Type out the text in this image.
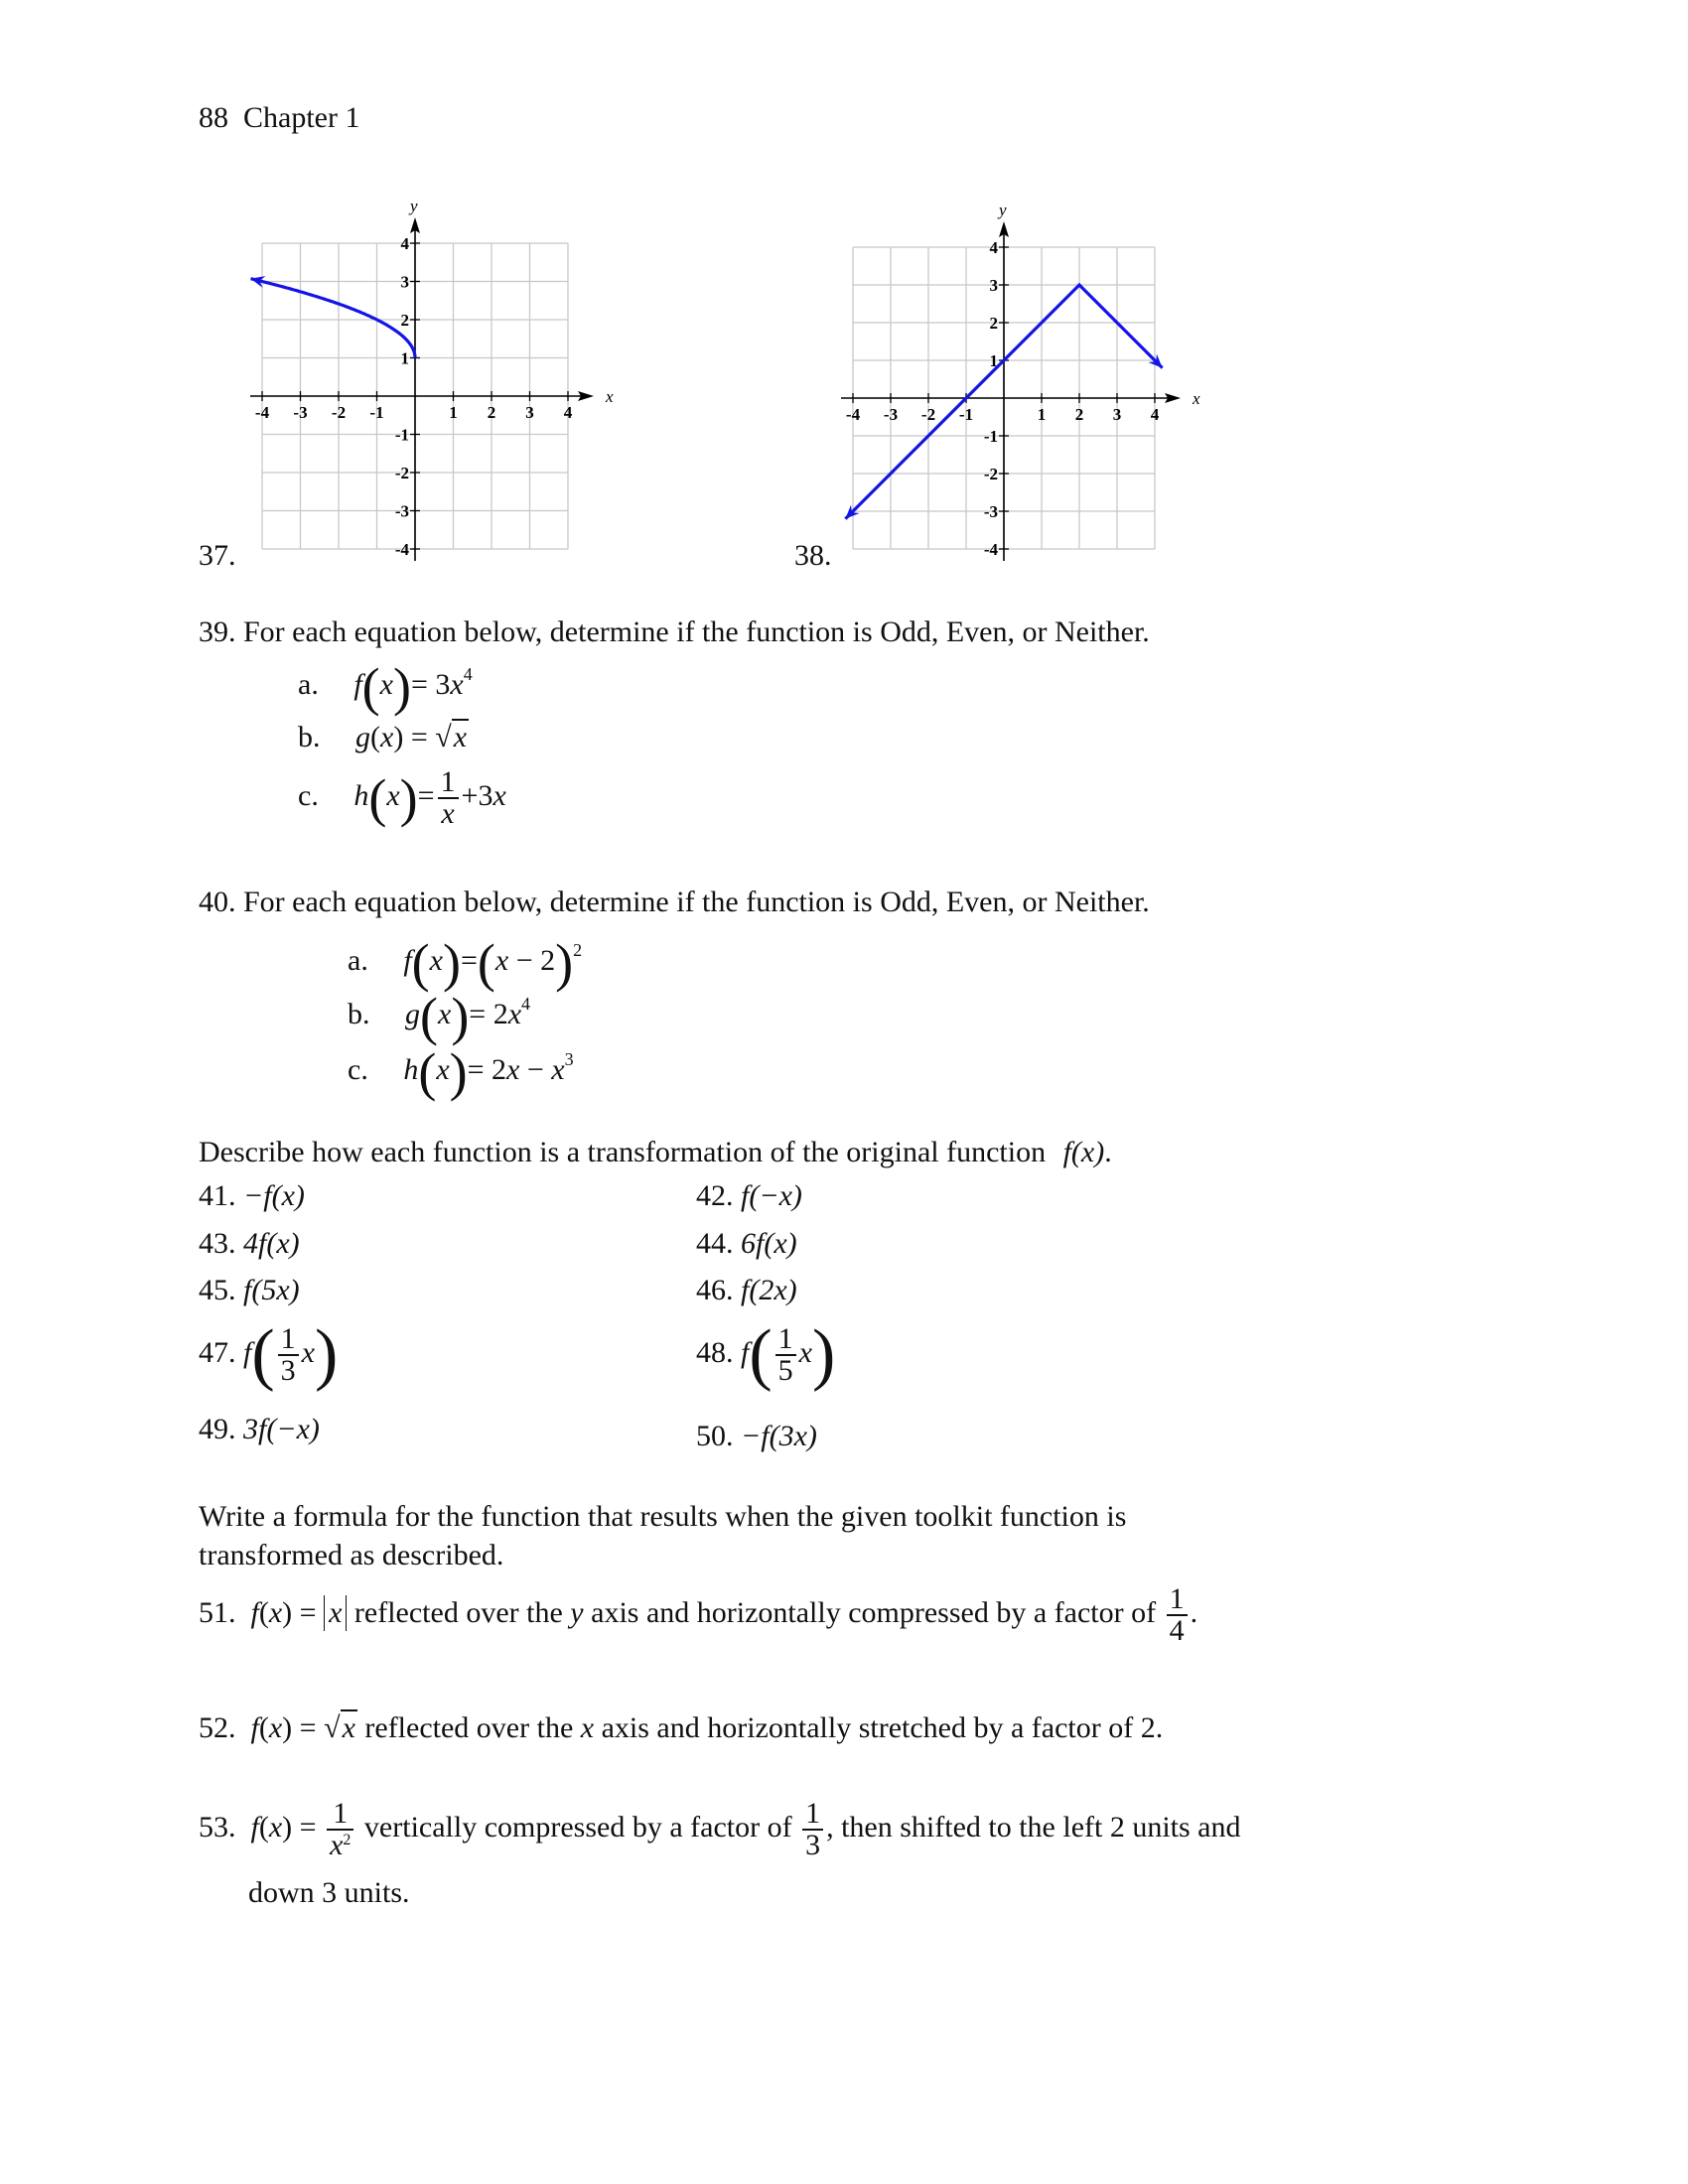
88 Chapter 1
37.	38.
x
y
-4 -3 -2 -1	1 2 3 4
4
3
2
1
-1
-2
-3
-4
x
y
-4 -3 -2 -1	1 2 3 4
4
3
2
1
-1
-2
-3
-4
39. For each equation below, determine if the function is Odd, Even, or Neither.
a. $f(x)= 3x^4$
b. g(x) = √x
c. $h(x)= \frac{1}{x} +3x$
40. For each equation below, determine if the function is Odd, Even, or Neither.
a. $f(x)=(x - 2)^2$
b. $g(x)= 2x^4$
c. $h(x)= 2x - x^3$
Describe how each function is a transformation of the original function f(x).
41. −f(x)	42. f(−x)
43. 4f(x)	44. 6f(x)
45. f(5x)	46. f(2x)
47. $f( \frac{1}{3} x)$	48. $f( \frac{1}{5} x)$
49. 3f(−x)	50. −f(3x)
Write a formula for the function that results when the given toolkit function is
transformed as described.
51. f(x) = x reflected over the y axis and horizontally compressed by a factor of $\frac{1}{4}$ .
52. f(x) = √x reflected over the x axis and horizontally stretched by a factor of 2.
53. $f(x) = \frac{1}{x^2}$ vertically compressed by a factor of $\frac{1}{3}$ , then shifted to the left 2 units and
down 3 units.
